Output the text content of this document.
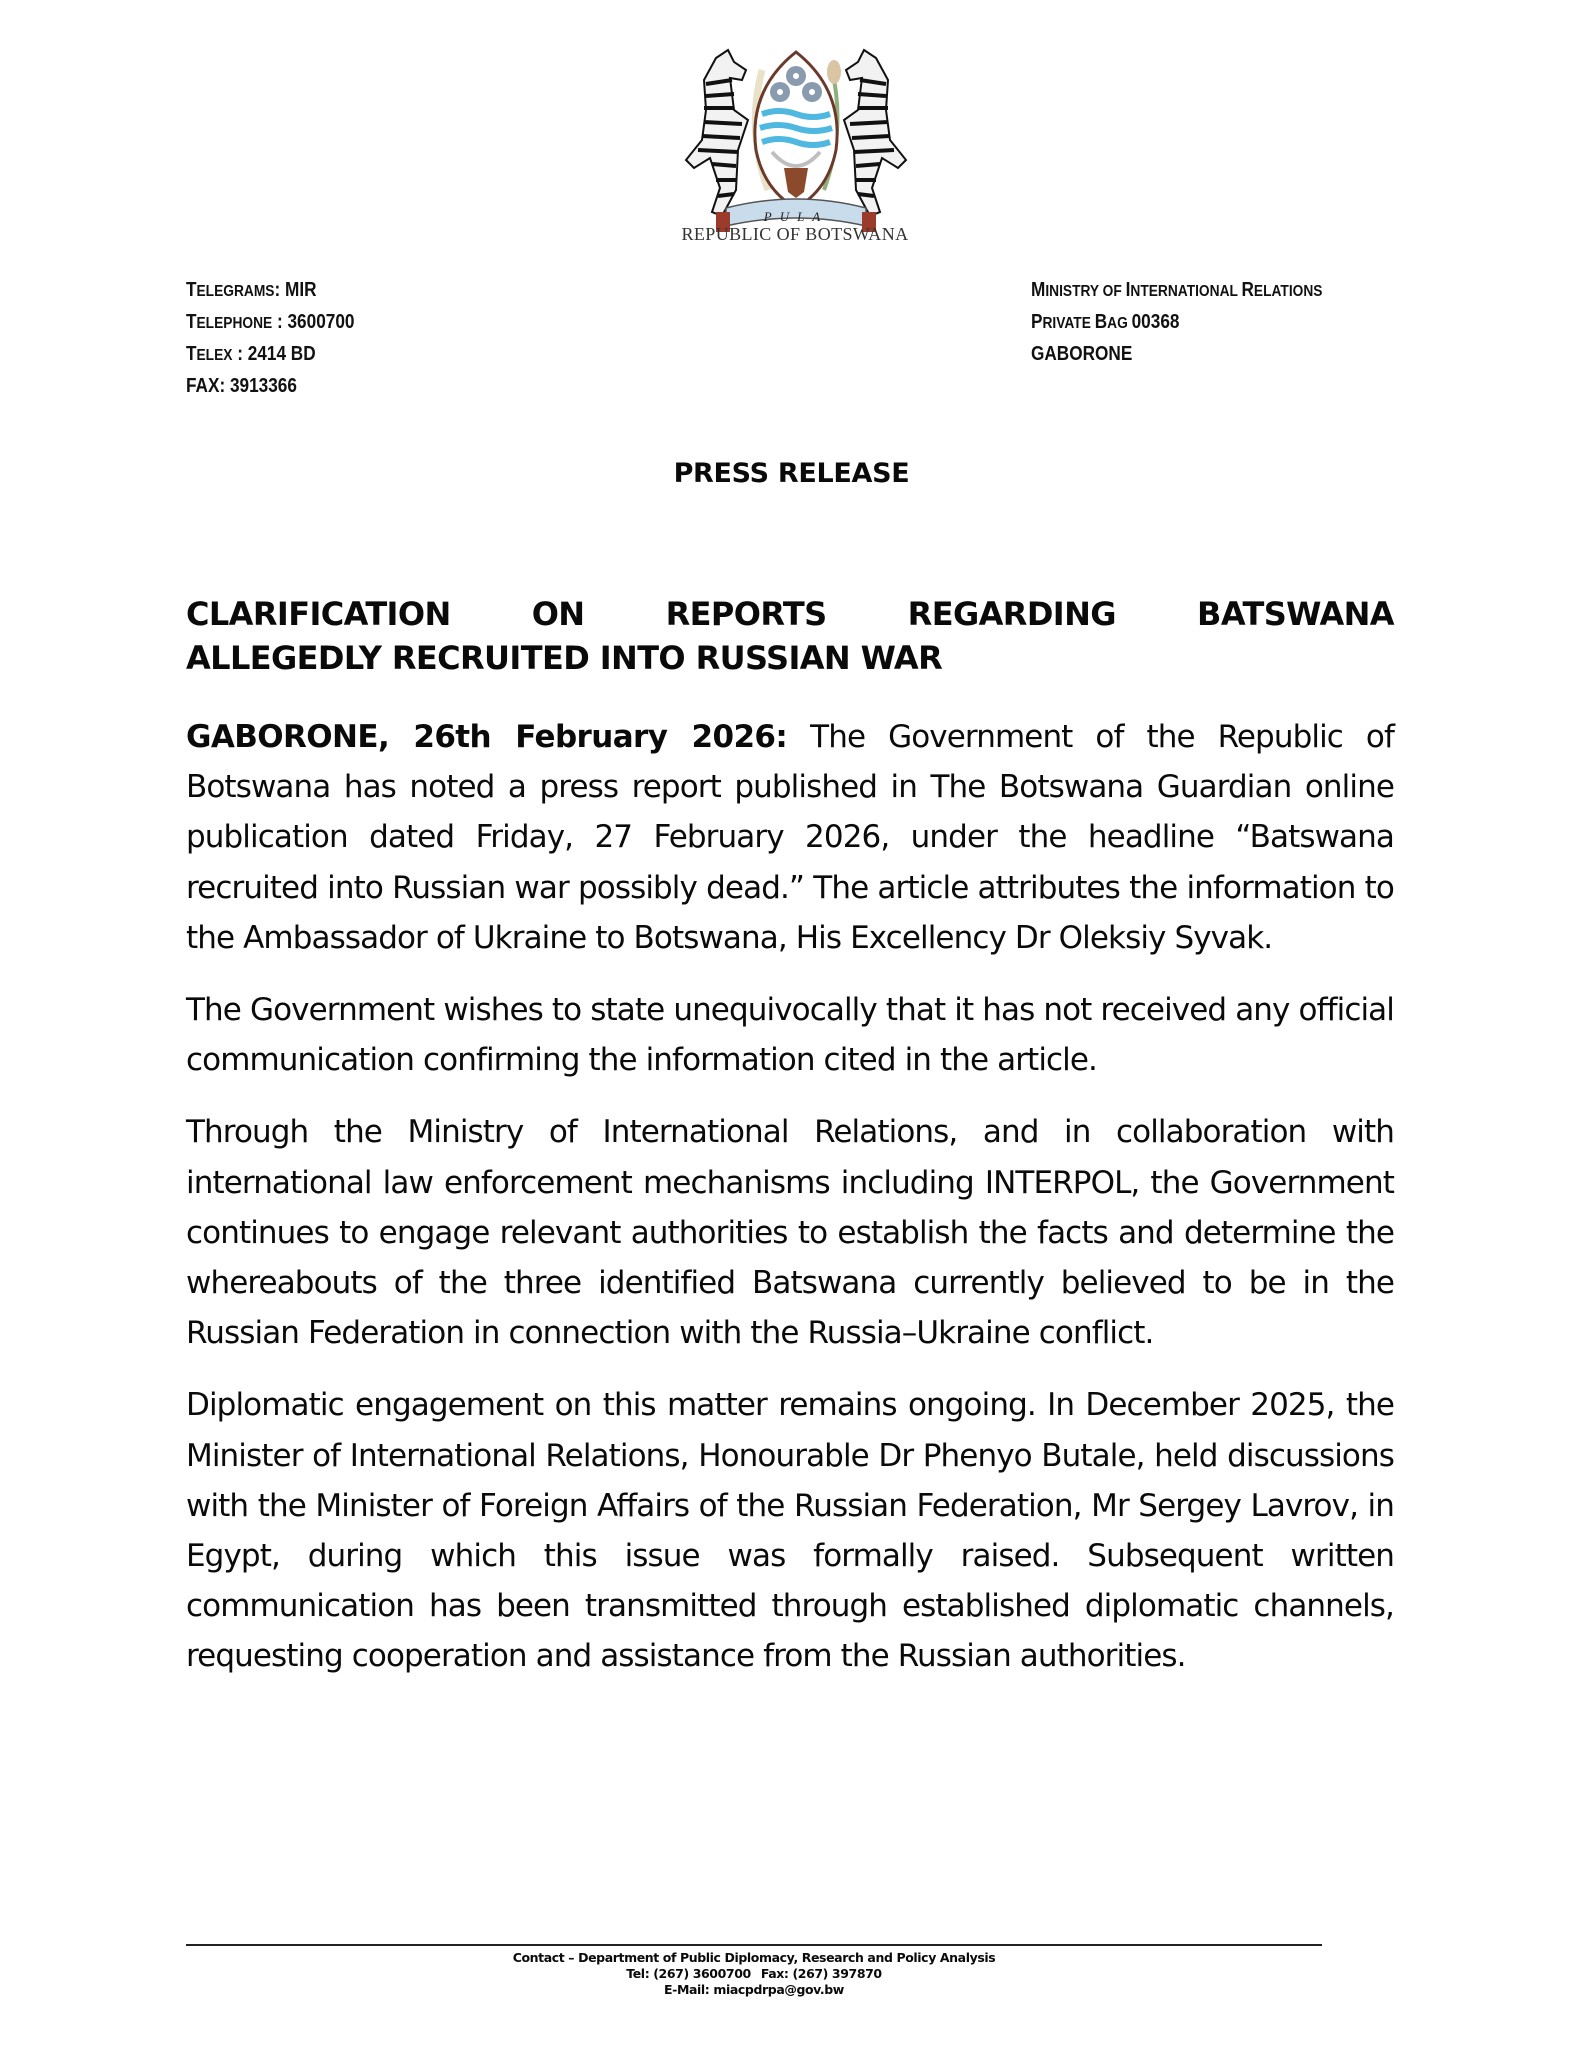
PULA
REPUBLIC OF BOTSWANA
TELEGRAMS: MIR
TELEPHONE : 3600700
TELEX : 2414 BD
FAX: 3913366
MINISTRY OF INTERNATIONAL RELATIONS
PRIVATE BAG 00368
GABORONE
PRESS RELEASE
CLARIFICATION	ON	REPORTS	REGARDING	BATSWANA
ALLEGEDLY RECRUITED INTO RUSSIAN WAR

GABORONE, 26th February 2026: The Government of the Republic of Botswana has noted a press report published in The Botswana Guardian online publication dated Friday, 27 February 2026, under the headline “Batswana recruited into Russian war possibly dead.” The article attributes the information to the Ambassador of Ukraine to Botswana, His Excellency Dr Oleksiy Syvak.

The Government wishes to state unequivocally that it has not received any official communication confirming the information cited in the article.

Through the Ministry of International Relations, and in collaboration with international law enforcement mechanisms including INTERPOL, the Government continues to engage relevant authorities to establish the facts and determine the whereabouts of the three identified Batswana currently believed to be in the Russian Federation in connection with the Russia–Ukraine conflict.

Diplomatic engagement on this matter remains ongoing. In December 2025, the Minister of International Relations, Honourable Dr Phenyo Butale, held discussions with the Minister of Foreign Affairs of the Russian Federation, Mr Sergey Lavrov, in Egypt, during which this issue was formally raised. Subsequent written communication has been transmitted through established diplomatic channels, requesting cooperation and assistance from the Russian authorities.

Contact – Department of Public Diplomacy, Research and Policy Analysis
Tel: (267) 3600700 Fax: (267) 397870
E-Mail: miacpdrpa@gov.bw
